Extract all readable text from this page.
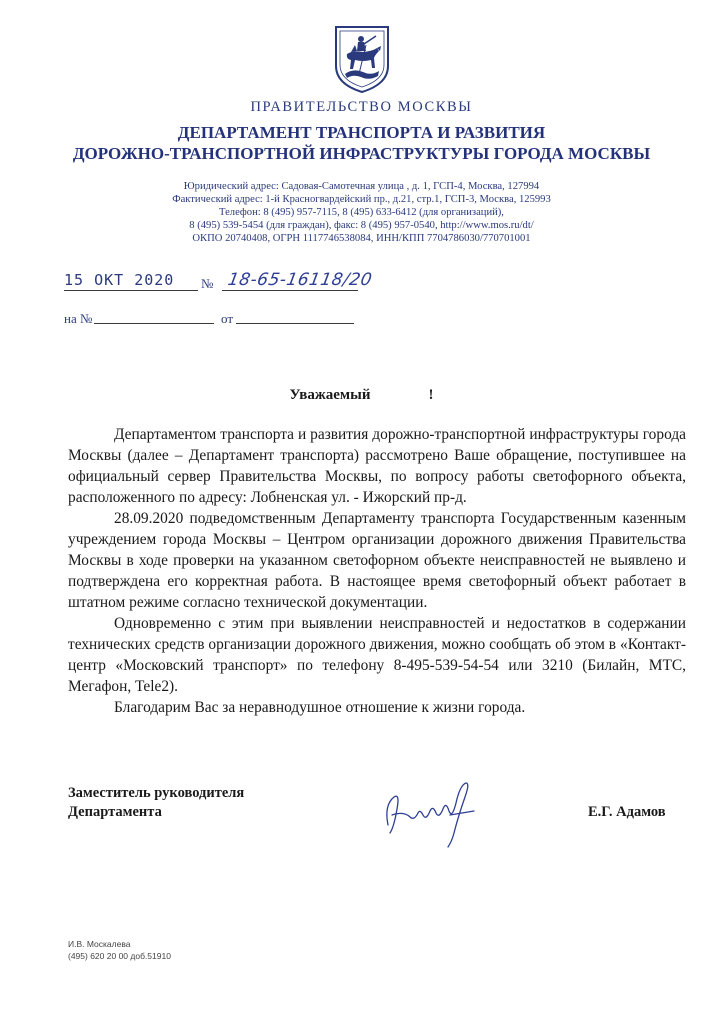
ПРАВИТЕЛЬСТВО МОСКВЫ
ДЕПАРТАМЕНТ ТРАНСПОРТА И РАЗВИТИЯ
ДОРОЖНО-ТРАНСПОРТНОЙ ИНФРАСТРУКТУРЫ ГОРОДА МОСКВЫ
Юридический адрес: Садовая-Самотечная улица , д. 1, ГСП-4, Москва, 127994
Фактический адрес: 1-й Красногвардейский пр., д.21, стр.1, ГСП-3, Москва, 125993
Телефон: 8 (495) 957-7115, 8 (495) 633-6412 (для организаций),
8 (495) 539-5454 (для граждан), факс: 8 (495) 957-0540, http://www.mos.ru/dt/
ОКПО 20740408, ОГРН 1117746538084, ИНН/КПП 7704786030/770701001
15 ОКТ 2020 № 18-65-16118/20
на №	от
Уважаемый	!

Департаментом транспорта и развития дорожно-транспортной инфраструктуры города Москвы (далее – Департамент транспорта) рассмотрено Ваше обращение, поступившее на официальный сервер Правительства Москвы, по вопросу работы светофорного объекта, расположенного по адресу: Лобненская ул. - Ижорский пр-д.

28.09.2020 подведомственным Департаменту транспорта Государственным казенным учреждением города Москвы – Центром организации дорожного движения Правительства Москвы в ходе проверки на указанном светофорном объекте неисправностей не выявлено и подтверждена его корректная работа. В настоящее время светофорный объект работает в штатном режиме согласно технической документации.

Одновременно с этим при выявлении неисправностей и недостатков в содержании технических средств организации дорожного движения, можно сообщать об этом в «Контакт-центр «Московский транспорт» по телефону 8-495-539-54-54 или 3210 (Билайн, МТС, Мегафон, Tele2).

Благодарим Вас за неравнодушное отношение к жизни города.

Заместитель руководителя
Департамента	Е.Г. Адамов
И.В. Москалева
(495) 620 20 00 доб.51910
